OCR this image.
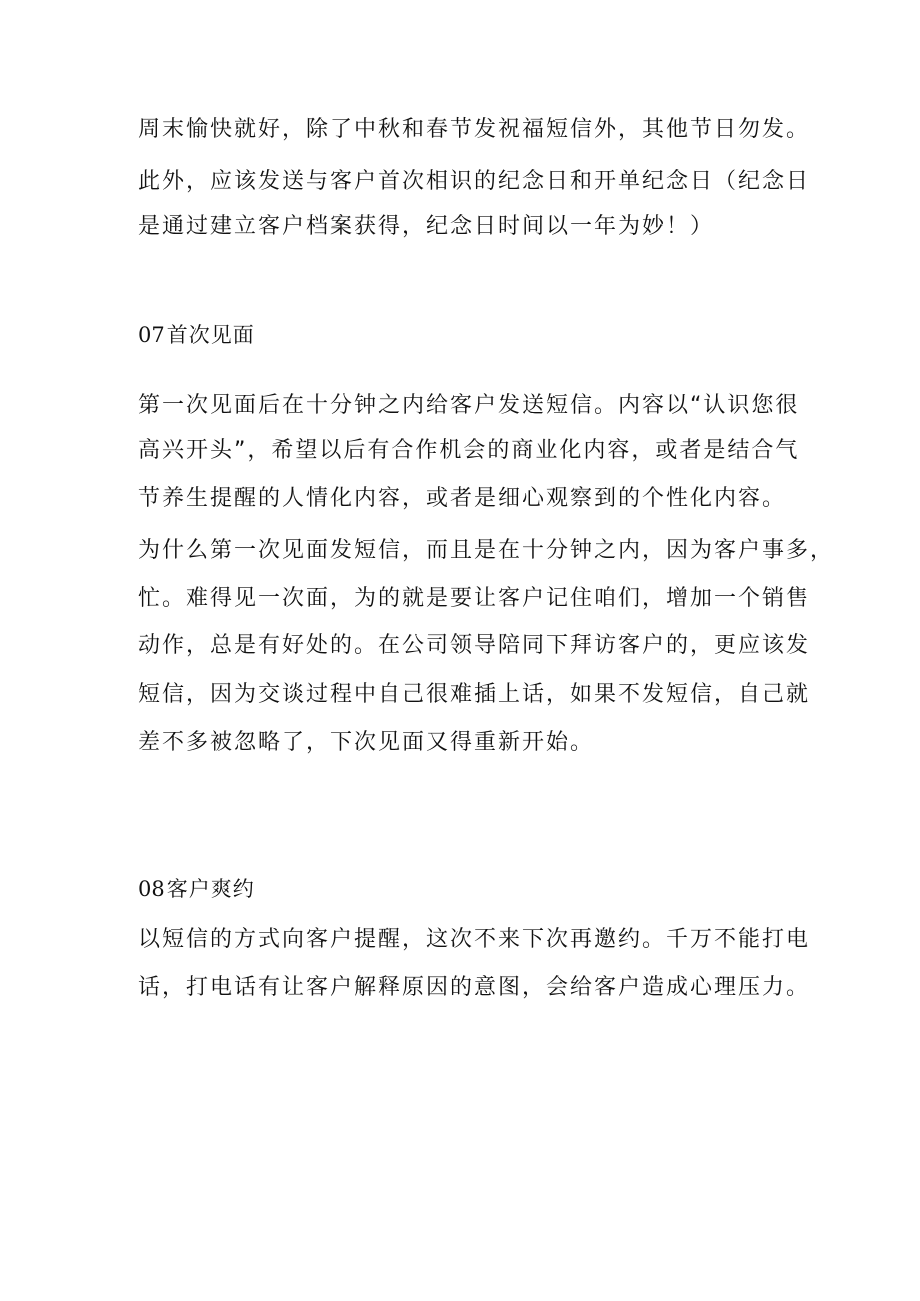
周末愉快就好，除了中秋和春节发祝福短信外，其他节日勿发。

此外，应该发送与客户首次相识的纪念日和开单纪念日（纪念日

是通过建立客户档案获得，纪念日时间以一年为妙！）

07首次见面

第一次见面后在十分钟之内给客户发送短信。内容以“认识您很

高兴开头”，希望以后有合作机会的商业化内容，或者是结合气

节养生提醒的人情化内容，或者是细心观察到的个性化内容。

为什么第一次见面发短信，而且是在十分钟之内，因为客户事多，

忙。难得见一次面，为的就是要让客户记住咱们，增加一个销售

动作，总是有好处的。在公司领导陪同下拜访客户的，更应该发

短信，因为交谈过程中自己很难插上话，如果不发短信，自己就

差不多被忽略了，下次见面又得重新开始。

08客户爽约

以短信的方式向客户提醒，这次不来下次再邀约。千万不能打电

话，打电话有让客户解释原因的意图，会给客户造成心理压力。
